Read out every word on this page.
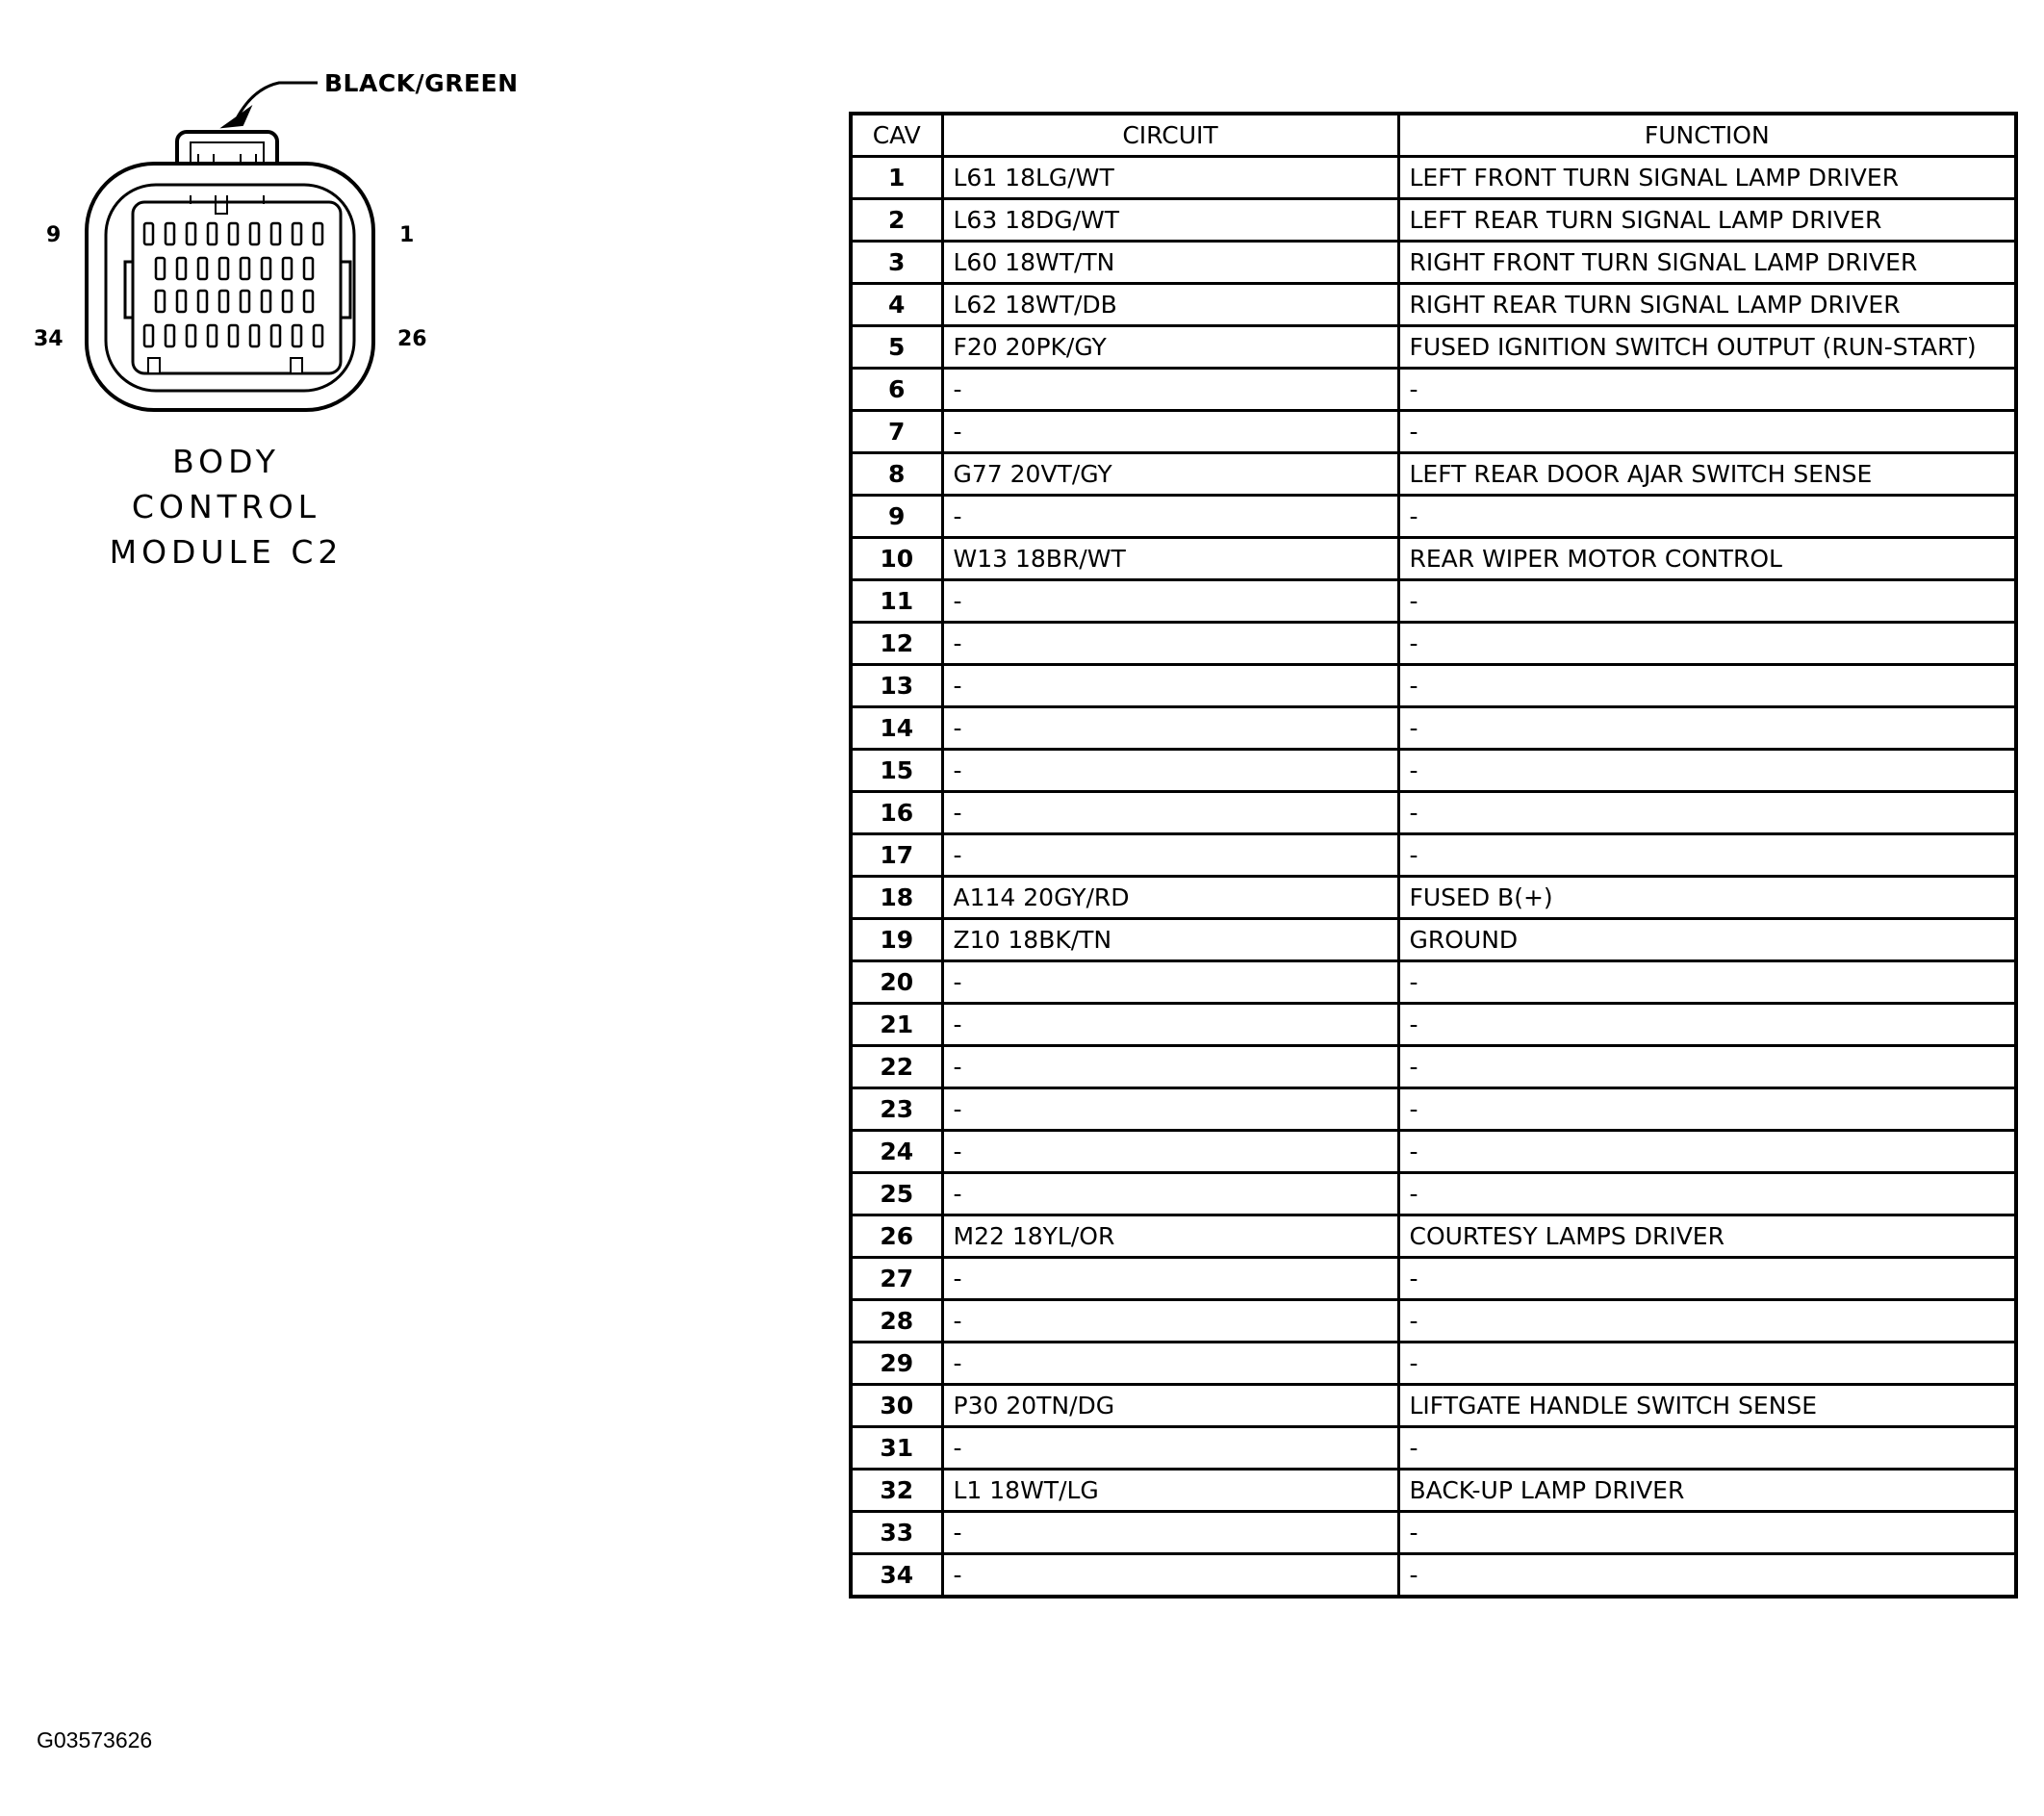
BLACK/GREEN
9	1
34	26
BODY
CONTROL
MODULE C2
CAV	CIRCUIT	FUNCTION
1	L61 18LG/WT	LEFT FRONT TURN SIGNAL LAMP DRIVER
2	L63 18DG/WT	LEFT REAR TURN SIGNAL LAMP DRIVER
3	L60 18WT/TN	RIGHT FRONT TURN SIGNAL LAMP DRIVER
4	L62 18WT/DB	RIGHT REAR TURN SIGNAL LAMP DRIVER
5	F20 20PK/GY	FUSED IGNITION SWITCH OUTPUT (RUN-START)
6	-	-
7	-	-
8	G77 20VT/GY	LEFT REAR DOOR AJAR SWITCH SENSE
9	-	-
10	W13 18BR/WT	REAR WIPER MOTOR CONTROL
11	-	-
12	-	-
13	-	-
14	-	-
15	-	-
16	-	-
17	-	-
18	A114 20GY/RD	FUSED B(+)
19	Z10 18BK/TN	GROUND
20	-	-
21	-	-
22	-	-
23	-	-
24	-	-
25	-	-
26	M22 18YL/OR	COURTESY LAMPS DRIVER
27	-	-
28	-	-
29	-	-
30	P30 20TN/DG	LIFTGATE HANDLE SWITCH SENSE
31	-	-
32	L1 18WT/LG	BACK-UP LAMP DRIVER
33	-	-
34	-	-
G03573626
